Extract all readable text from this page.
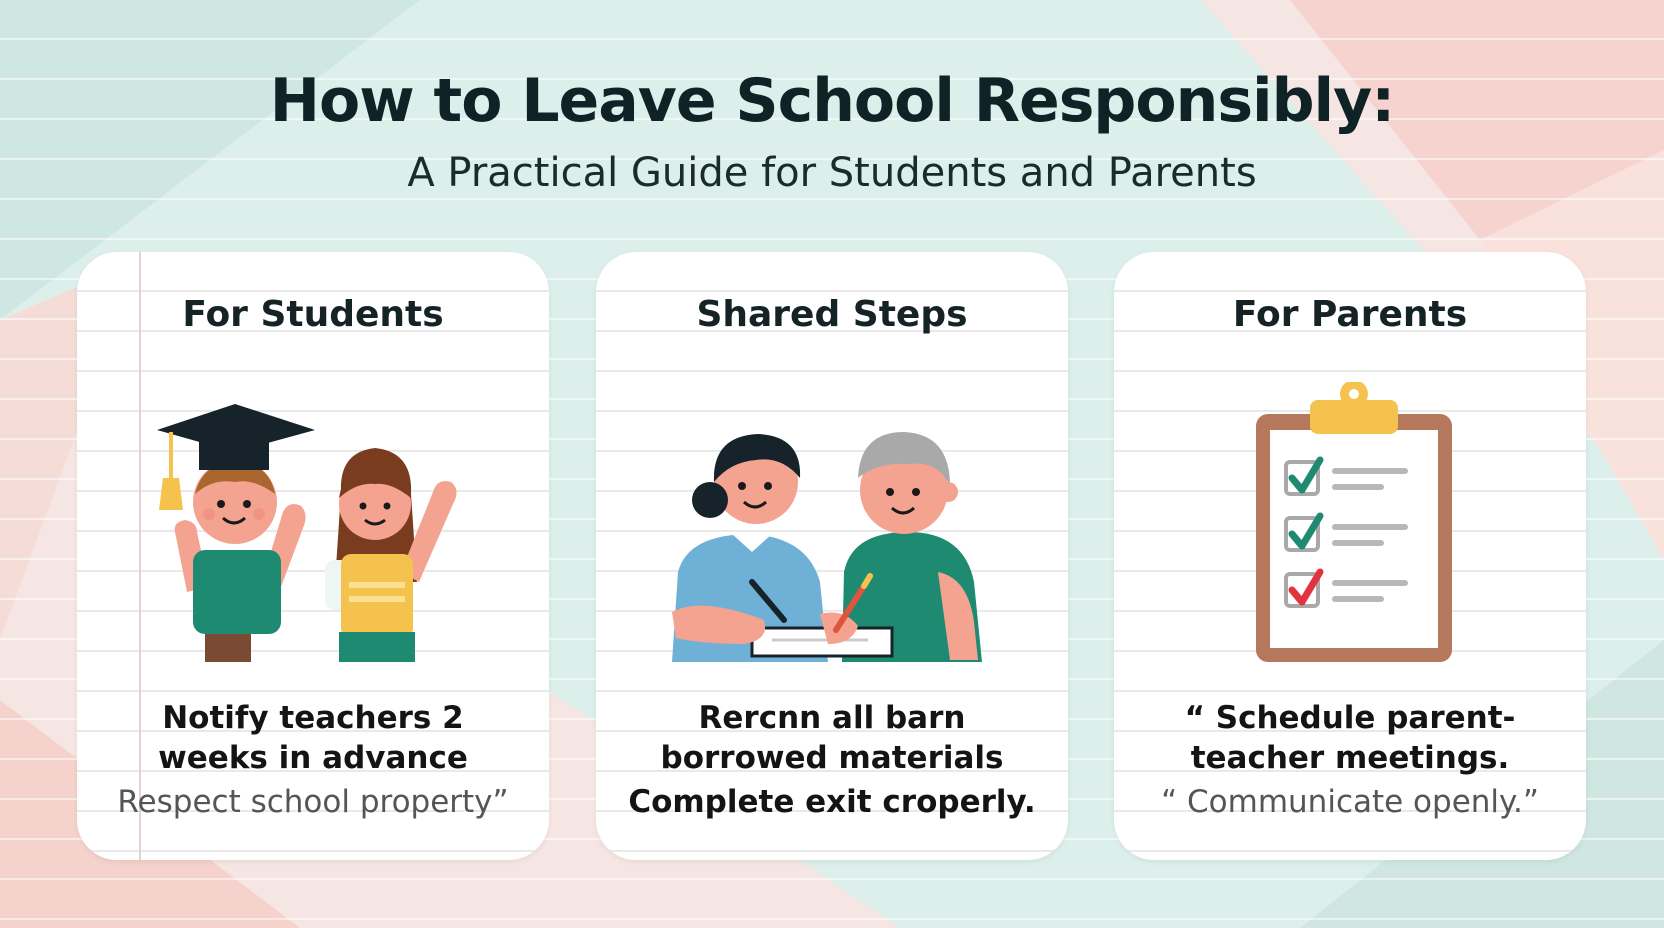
How to Leave School Responsibly:
A Practical Guide for Students and Parents
For Students
Notify teachers 2
weeks in advance
Respect school property”
Shared Steps
Rercnn all barn
borrowed materials
Complete exit croperly.
For Parents
“ Schedule parent-
teacher meetings.
“ Communicate openly.”
